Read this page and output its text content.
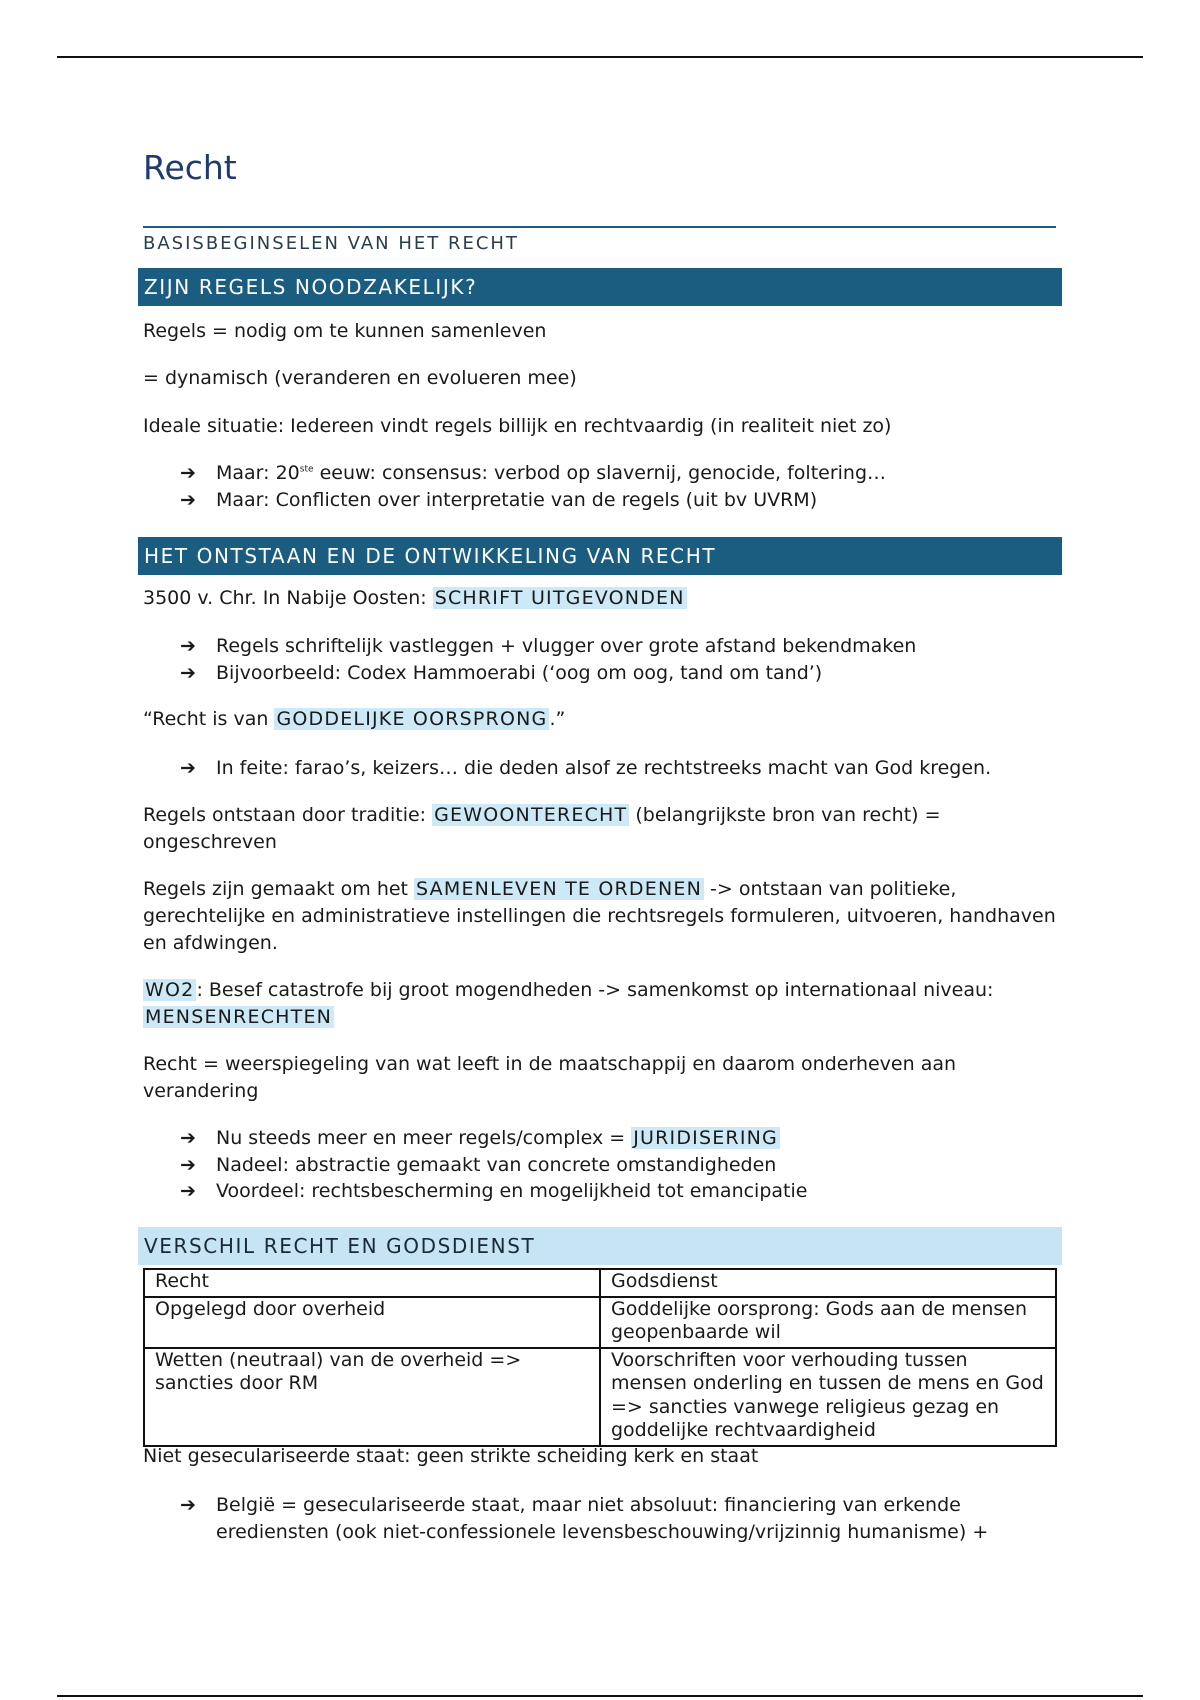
Recht
BASISBEGINSELEN VAN HET RECHT
ZIJN REGELS NOODZAKELIJK?

Regels = nodig om te kunnen samenleven

= dynamisch (veranderen en evolueren mee)

Ideale situatie: Iedereen vindt regels billijk en rechtvaardig (in realiteit niet zo)

➔ Maar: 20ste eeuw: consensus: verbod op slavernij, genocide, foltering…
➔ Maar: Conflicten over interpretatie van de regels (uit bv UVRM)
HET ONTSTAAN EN DE ONTWIKKELING VAN RECHT

3500 v. Chr. In Nabije Oosten: SCHRIFT UITGEVONDEN

➔ Regels schriftelijk vastleggen + vlugger over grote afstand bekendmaken
➔ Bijvoorbeeld: Codex Hammoerabi (‘oog om oog, tand om tand’)

“Recht is van GODDELIJKE OORSPRONG .”

➔ In feite: farao’s, keizers… die deden alsof ze rechtstreeks macht van God kregen.

Regels ontstaan door traditie: GEWOONTERECHT (belangrijkste bron van recht) = ongeschreven

Regels zijn gemaakt om het SAMENLEVEN TE ORDENEN -> ontstaan van politieke, gerechtelijke en administratieve instellingen die rechtsregels formuleren, uitvoeren, handhaven en afdwingen.

WO2 : Besef catastrofe bij groot mogendheden -> samenkomst op internationaal niveau: MENSENRECHTEN

Recht = weerspiegeling van wat leeft in de maatschappij en daarom onderheven aan verandering

➔ Nu steeds meer en meer regels/complex = JURIDISERING
➔ Nadeel: abstractie gemaakt van concrete omstandigheden
➔ Voordeel: rechtsbescherming en mogelijkheid tot emancipatie
VERSCHIL RECHT EN GODSDIENST
Recht	Godsdienst
Opgelegd door overheid	Goddelijke oorsprong: Gods aan de mensen geopenbaarde wil
Wetten (neutraal) van de overheid => sancties door RM	Voorschriften voor verhouding tussen mensen onderling en tussen de mens en God => sancties vanwege religieus gezag en goddelijke rechtvaardigheid

Niet geseculariseerde staat: geen strikte scheiding kerk en staat

➔ België = geseculariseerde staat, maar niet absoluut: financiering van erkende erediensten (ook niet-confessionele levensbeschouwing/vrijzinnig humanisme) +
